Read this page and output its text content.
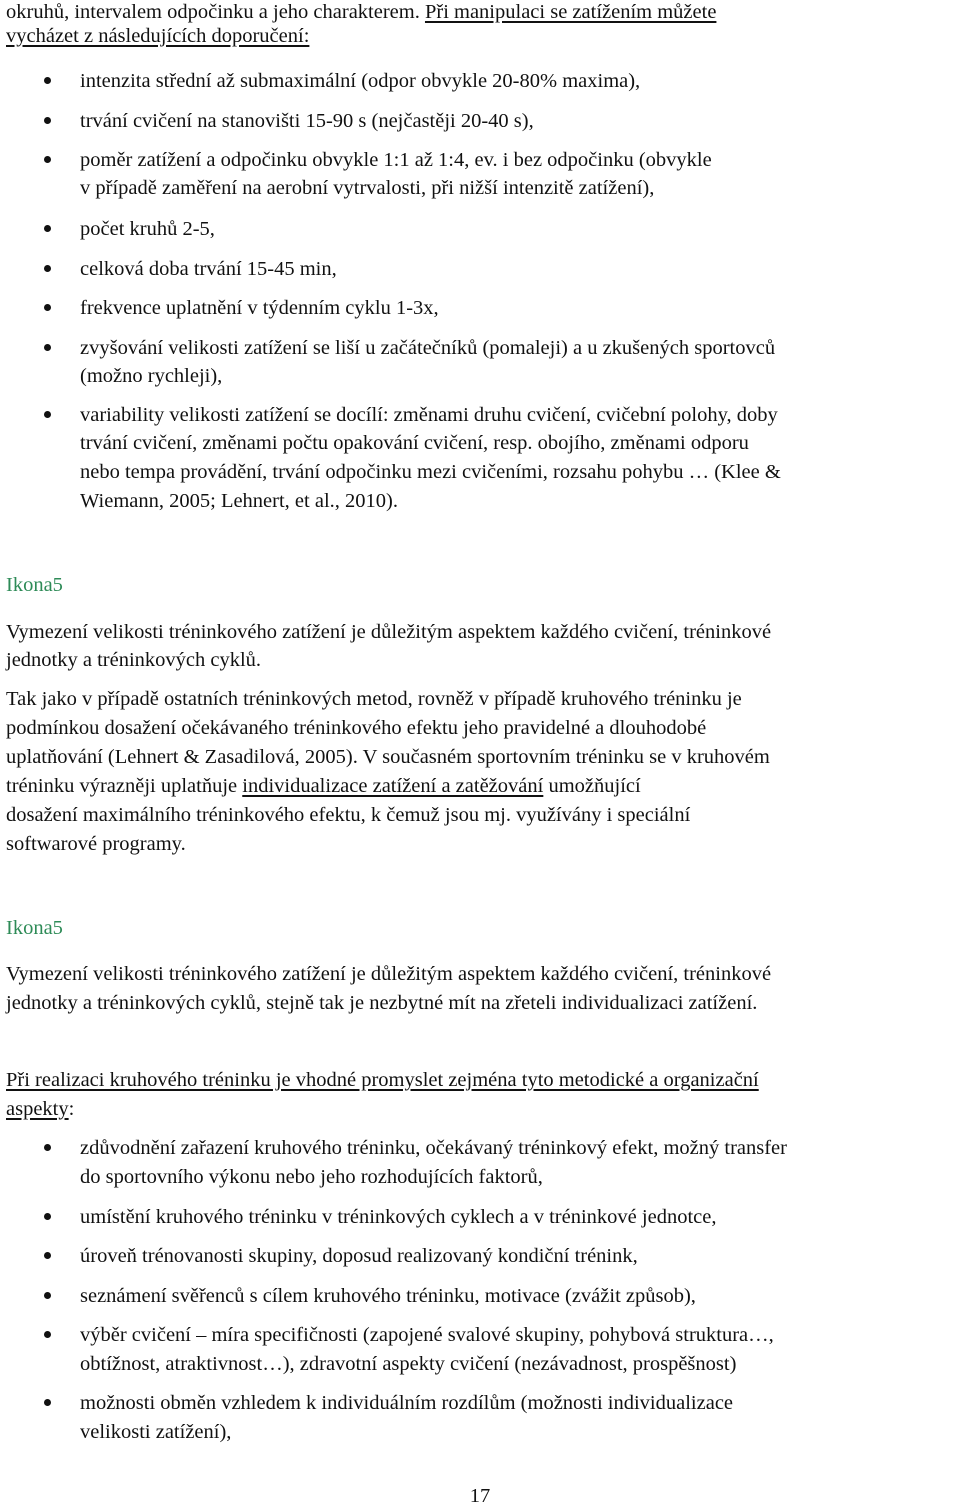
okruhů, intervalem odpočinku a jeho charakterem. Při manipulaci se zatížením můžete
vycházet z následujících doporučení:
intenzita střední až submaximální (odpor obvykle 20-80% maxima),
trvání cvičení na stanovišti 15-90 s (nejčastěji 20-40 s),
poměr zatížení a odpočinku obvykle 1:1 až 1:4, ev. i bez odpočinku (obvykle
v případě zaměření na aerobní vytrvalosti, při nižší intenzitě zatížení),
počet kruhů 2-5,
celková doba trvání 15-45 min,
frekvence uplatnění v týdenním cyklu 1-3x,
zvyšování velikosti zatížení se liší u začátečníků (pomaleji) a u zkušených sportovců
(možno rychleji),
variability velikosti zatížení se docílí: změnami druhu cvičení, cvičební polohy, doby
trvání cvičení, změnami počtu opakování cvičení, resp. obojího, změnami odporu
nebo tempa provádění, trvání odpočinku mezi cvičeními, rozsahu pohybu … (Klee &
Wiemann, 2005; Lehnert, et al., 2010).
Ikona5
Vymezení velikosti tréninkového zatížení je důležitým aspektem každého cvičení, tréninkové
jednotky a tréninkových cyklů.
Tak jako v případě ostatních tréninkových metod, rovněž v případě kruhového tréninku je
podmínkou dosažení očekávaného tréninkového efektu jeho pravidelné a dlouhodobé
uplatňování (Lehnert & Zasadilová, 2005). V současném sportovním tréninku se v kruhovém
tréninku výrazněji uplatňuje individualizace zatížení a zatěžování umožňující
dosažení maximálního tréninkového efektu, k čemuž jsou mj. využívány i speciální
softwarové programy.
Ikona5
Vymezení velikosti tréninkového zatížení je důležitým aspektem každého cvičení, tréninkové
jednotky a tréninkových cyklů, stejně tak je nezbytné mít na zřeteli individualizaci zatížení.
Při realizaci kruhového tréninku je vhodné promyslet zejména tyto metodické a organizační
aspekty:
zdůvodnění zařazení kruhového tréninku, očekávaný tréninkový efekt, možný transfer
do sportovního výkonu nebo jeho rozhodujících faktorů,
umístění kruhového tréninku v tréninkových cyklech a v tréninkové jednotce,
úroveň trénovanosti skupiny, doposud realizovaný kondiční trénink,
seznámení svěřenců s cílem kruhového tréninku, motivace (zvážit způsob),
výběr cvičení – míra specifičnosti (zapojené svalové skupiny, pohybová struktura…,
obtížnost, atraktivnost…), zdravotní aspekty cvičení (nezávadnost, prospěšnost)
možnosti obměn vzhledem k individuálním rozdílům (možnosti individualizace
velikosti zatížení),
17
